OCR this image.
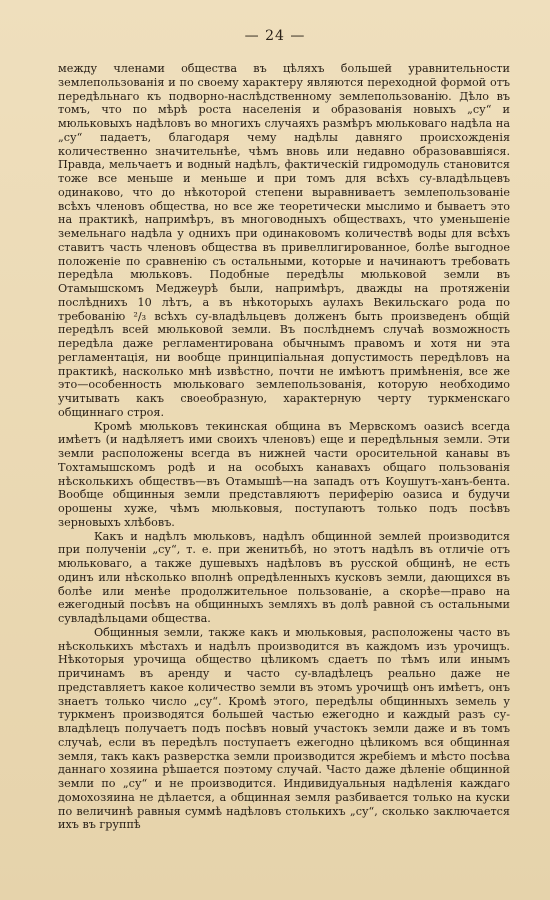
— 24 —

между членами общества въ цѣляхъ большей уравнительности землепользованія и по своему характеру являются переходной формой отъ передѣльнаго къ подворно-наслѣдственному землепользованію. Дѣло въ томъ, что по мѣрѣ роста населенія и образованія новыхъ „су“ и мюльковыхъ надѣловъ во многихъ случаяхъ размѣръ мюльковаго надѣла на „су“ падаетъ, благодаря чему надѣлы давняго происхожденія количественно значительнѣе, чѣмъ вновь или недавно образовавшіяся. Правда, мельчаетъ и водный надѣлъ, фактическій гидромодуль становится тоже все меньше и меньше и при томъ для всѣхъ су-владѣльцевъ одинаково, что до нѣкоторой степени выравниваетъ землепользованіе всѣхъ членовъ общества, но все же теоретически мыслимо и бываетъ это на практикѣ, напримѣръ, въ многоводныхъ обществахъ, что уменьшеніе земельнаго надѣла у однихъ при одинаковомъ количествѣ воды для всѣхъ ставитъ часть членовъ общества въ привеллигированное, болѣе выгодное положеніе по сравненію съ остальными, которые и начинаютъ требовать передѣла мюльковъ. Подобные передѣлы мюльковой земли въ Отамышскомъ Меджеурѣ были, напримѣръ, дважды на протяженіи послѣднихъ 10 лѣтъ, а въ нѣкоторыхъ аулахъ Векильскаго рода по требованію ²/₃ всѣхъ су-владѣльцевъ долженъ быть произведенъ общій передѣлъ всей мюльковой земли. Въ послѣднемъ случаѣ возможность передѣла даже регламентирована обычнымъ правомъ и хотя ни эта регламентація, ни вообще принципіальная допустимость передѣловъ на практикѣ, насколько мнѣ извѣстно, почти не имѣютъ примѣненія, все же это—особенность мюльковаго землепользованія, которую необходимо учитывать какъ своеобразную, характерную черту туркменскаго общиннаго строя.

Кромѣ мюльковъ текинская община въ Мервскомъ оазисѣ всегда имѣетъ (и надѣляетъ ими своихъ членовъ) еще и передѣльныя земли. Эти земли расположены всегда въ нижней части оросительной канавы въ Тохтамышскомъ родѣ и на особыхъ канавахъ общаго пользованія нѣсколькихъ обществъ—въ Отамышѣ—на западъ отъ Коушутъ-ханъ-бента. Вообще общинныя земли представляютъ периферію оазиса и будучи орошены хуже, чѣмъ мюльковыя, поступаютъ только подъ посѣвъ зерновыхъ хлѣбовъ.

Какъ и надѣлъ мюльковъ, надѣлъ общинной землей производится при полученіи „су“, т. е. при женитьбѣ, но этотъ надѣлъ въ отличіе отъ мюльковаго, а также душевыхъ надѣловъ въ русской общинѣ, не есть одинъ или нѣсколько вполнѣ опредѣленныхъ кусковъ земли, дающихся въ болѣе или менѣе продолжительное пользованіе, а скорѣе—право на ежегодный посѣвъ на общинныхъ земляхъ въ долѣ равной съ остальными сувладѣльцами общества.

Общинныя земли, также какъ и мюльковыя, расположены часто въ нѣсколькихъ мѣстахъ и надѣлъ производится въ каждомъ изъ урочищъ. Нѣкоторыя урочища общество цѣликомъ сдаетъ по тѣмъ или инымъ причинамъ въ аренду и часто су-владѣлецъ реально даже не представляетъ какое количество земли въ этомъ урочищѣ онъ имѣетъ, онъ знаетъ только число „су“. Кромѣ этого, передѣлы общинныхъ земель у туркменъ производятся большей частью ежегодно и каждый разъ су-владѣлецъ получаетъ подъ посѣвъ новый участокъ земли даже и въ томъ случаѣ, если въ передѣлъ поступаетъ ежегодно цѣликомъ вся общинная земля, такъ какъ разверстка земли производится жребіемъ и мѣсто посѣва даннаго хозяина рѣшается поэтому случай. Часто даже дѣленіе общинной земли по „су“ и не производится. Индивидуальныя надѣленія каждаго домохозяина не дѣлается, а общинная земля разбивается только на куски по величинѣ равныя суммѣ надѣловъ столькихъ „су“, сколько заключается ихъ въ группѣ
